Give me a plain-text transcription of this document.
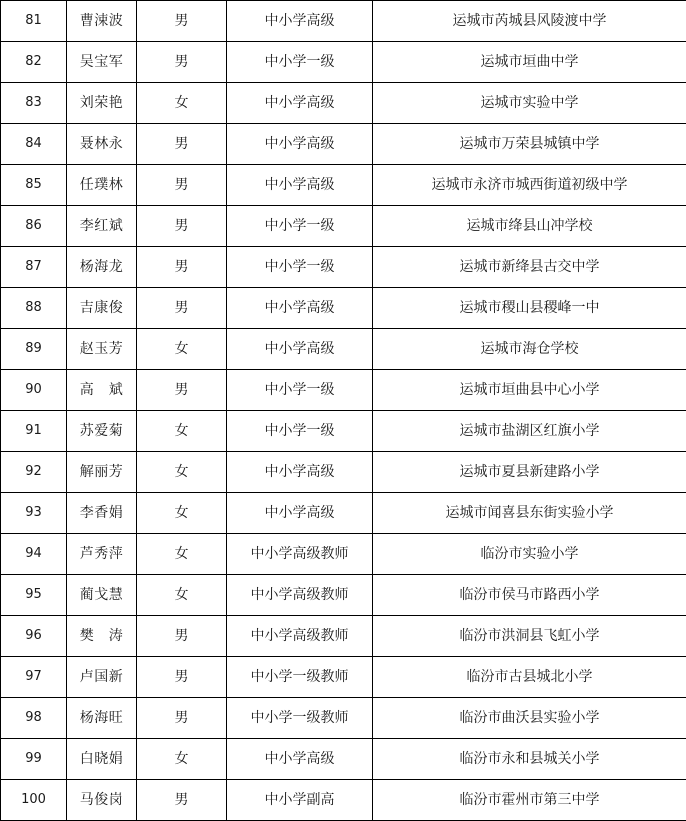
81	曹涑波	男	中小学高级	运城市芮城县风陵渡中学
82	吴宝军	男	中小学一级	运城市垣曲中学
83	刘荣艳	女	中小学高级	运城市实验中学
84	聂林永	男	中小学高级	运城市万荣县城镇中学
85	任璞林	男	中小学高级	运城市永济市城西街道初级中学
86	李红斌	男	中小学一级	运城市绛县山冲学校
87	杨海龙	男	中小学一级	运城市新绛县古交中学
88	吉康俊	男	中小学高级	运城市稷山县稷峰一中
89	赵玉芳	女	中小学高级	运城市海仓学校
90	高　斌	男	中小学一级	运城市垣曲县中心小学
91	苏爱菊	女	中小学一级	运城市盐湖区红旗小学
92	解丽芳	女	中小学高级	运城市夏县新建路小学
93	李香娟	女	中小学高级	运城市闻喜县东街实验小学
94	芦秀萍	女	中小学高级教师	临汾市实验小学
95	蔺戈慧	女	中小学高级教师	临汾市侯马市路西小学
96	樊　涛	男	中小学高级教师	临汾市洪洞县飞虹小学
97	卢国新	男	中小学一级教师	临汾市古县城北小学
98	杨海旺	男	中小学一级教师	临汾市曲沃县实验小学
99	白晓娟	女	中小学高级	临汾市永和县城关小学
100	马俊岗	男	中小学副高	临汾市霍州市第三中学
